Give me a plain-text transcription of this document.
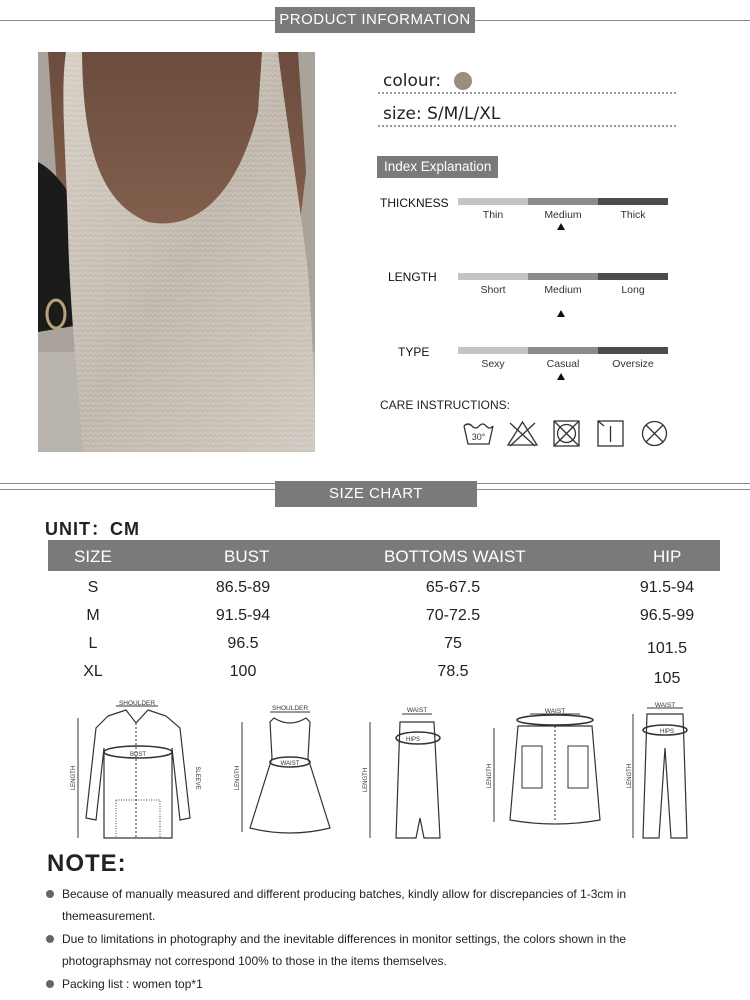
PRODUCT INFORMATION
colour:
size: S/M/L/XL
Index Explanation
THICKNESS
Thin	Medium	Thick
LENGTH
Short	Medium	Long
TYPE
Sexy	Casual	Oversize
CARE INSTRUCTIONS:
30°
SIZE CHART
UNIT：CM
SIZE	BUST	BOTTOMS WAIST	HIP
S	86.5-89	65-67.5	91.5-94
M	91.5-94	70-72.5	96.5-99
L	96.5	75	101.5
XL	100	78.5	105
SHOULDER
BUST
LENGTH	SLEEVE
SHOULDER
WAIST
LENGTH
WAIST
HIPS
LENGTH
WAIST
LENGTH
WAIST
HIPS
LENGTH
NOTE:
Because of manually measured and different producing batches, kindly allow for discrepancies of 1-3cm in themeasurement.
Due to limitations in photography and the inevitable differences in monitor settings, the colors shown in the photographsmay not correspond 100% to those in the items themselves.
Packing list : women top*1
